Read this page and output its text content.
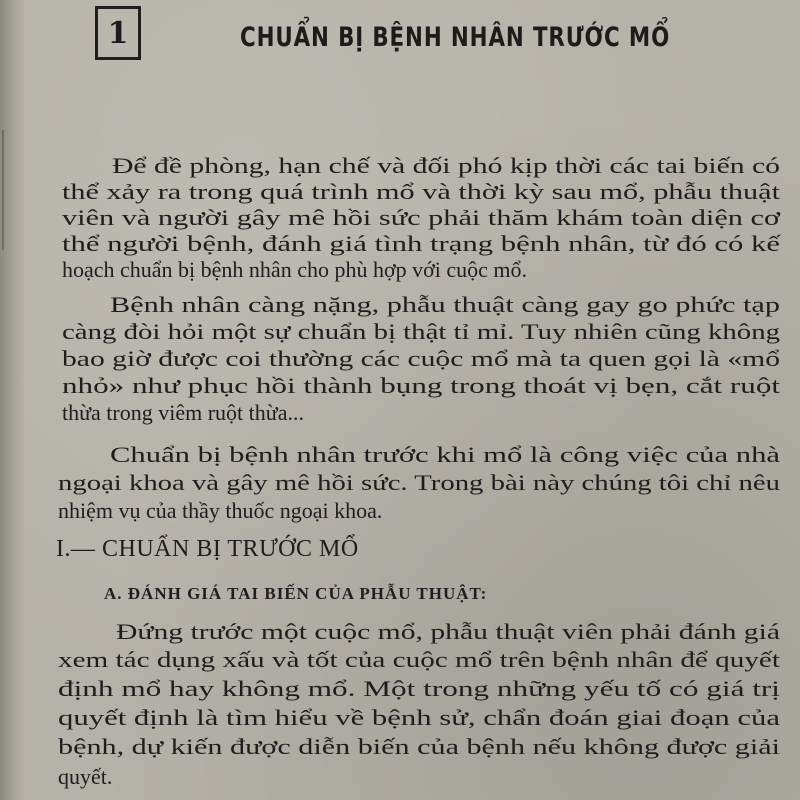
1	CHUẨN BỊ BỆNH NHÂN TRƯỚC MỔ
Để đề phòng, hạn chế và đối phó kịp thời các tai biến có
thể xảy ra trong quá trình mổ và thời kỳ sau mổ, phẫu thuật
viên và người gây mê hồi sức phải thăm khám toàn diện cơ
thể người bệnh, đánh giá tình trạng bệnh nhân, từ đó có kế
hoạch chuẩn bị bệnh nhân cho phù hợp với cuộc mổ.
Bệnh nhân càng nặng, phẫu thuật càng gay go phức tạp
càng đòi hỏi một sự chuẩn bị thật tỉ mỉ. Tuy nhiên cũng không
bao giờ được coi thường các cuộc mổ mà ta quen gọi là «mổ
nhỏ» như phục hồi thành bụng trong thoát vị bẹn, cắt ruột
thừa trong viêm ruột thừa...
Chuẩn bị bệnh nhân trước khi mổ là công việc của nhà
ngoại khoa và gây mê hồi sức. Trong bài này chúng tôi chỉ nêu
nhiệm vụ của thầy thuốc ngoại khoa.
Đứng trước một cuộc mổ, phẫu thuật viên phải đánh giá
xem tác dụng xấu và tốt của cuộc mổ trên bệnh nhân để quyết
định mổ hay không mổ. Một trong những yếu tố có giá trị
quyết định là tìm hiểu về bệnh sử, chẩn đoán giai đoạn của
bệnh, dự kiến được diễn biến của bệnh nếu không được giải
quyết.
I.— CHUẨN BỊ TRƯỚC MỔ
A. ĐÁNH GIÁ TAI BIẾN CỦA PHẪU THUẬT:
